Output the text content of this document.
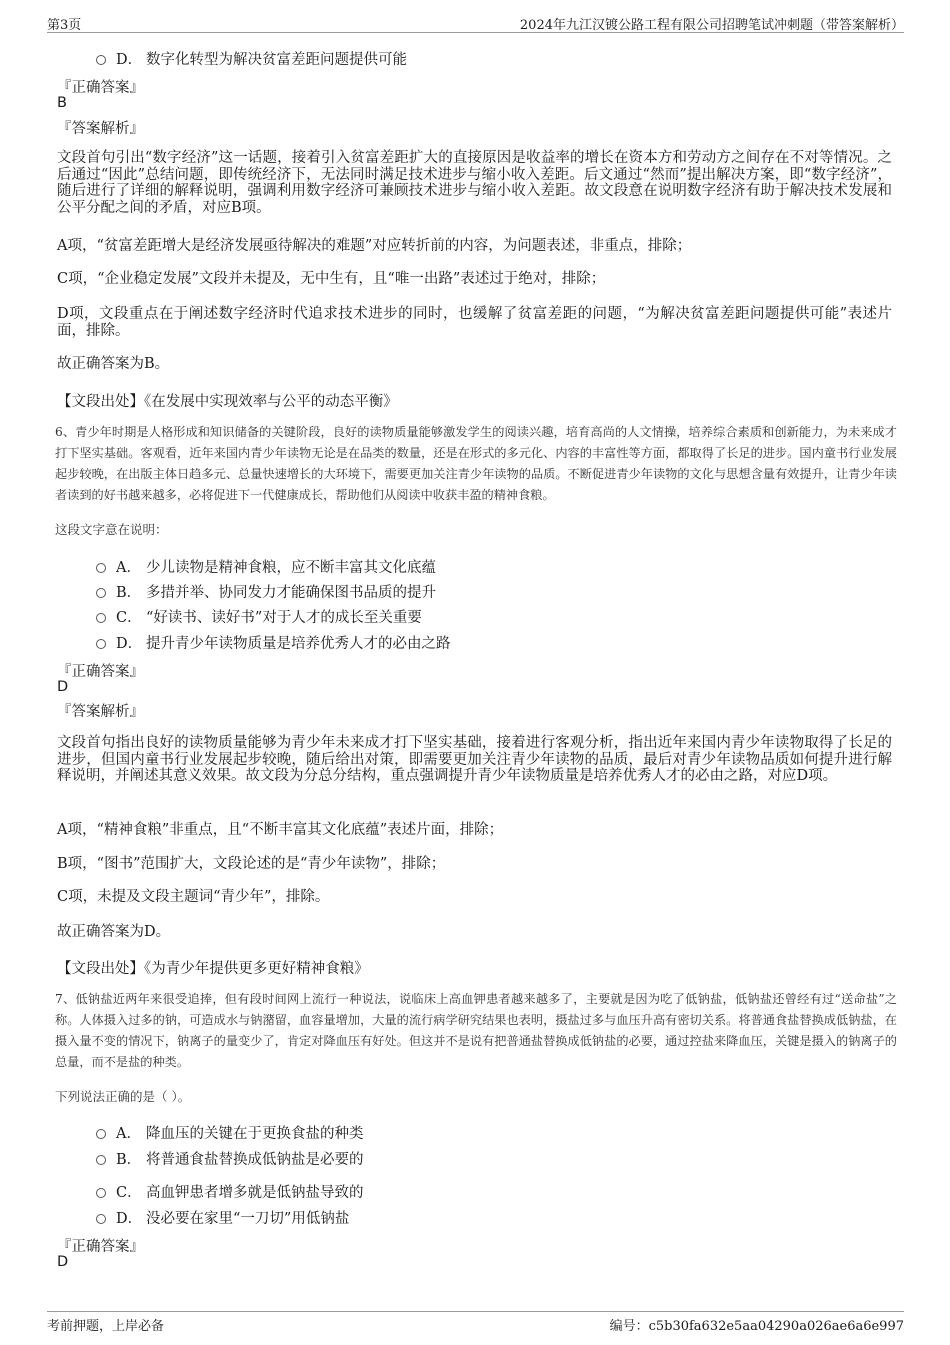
第3页	2024年九江汉镀公路工程有限公司招聘笔试冲刺题（带答案解析）
D． 数字化转型为解决贫富差距问题提供可能
『正确答案』
B
『答案解析』
文段首句引出“数字经济”这一话题，接着引入贫富差距扩大的直接原因是收益率的增长在资本方和劳动方之间存在不对等情况。之后通过“因此”总结问题，即传统经济下，无法同时满足技术进步与缩小收入差距。后文通过“然而”提出解决方案，即“数字经济”，随后进行了详细的解释说明，强调利用数字经济可兼顾技术进步与缩小收入差距。故文段意在说明数字经济有助于解决技术发展和公平分配之间的矛盾，对应B项。
A项，“贫富差距增大是经济发展亟待解决的难题”对应转折前的内容，为问题表述，非重点，排除；
C项，“企业稳定发展”文段并未提及，无中生有，且“唯一出路”表述过于绝对，排除；
D项，文段重点在于阐述数字经济时代追求技术进步的同时，也缓解了贫富差距的问题，“为解决贫富差距问题提供可能”表述片面，排除。
故正确答案为B。
【文段出处】《在发展中实现效率与公平的动态平衡》
6、青少年时期是人格形成和知识储备的关键阶段，良好的读物质量能够激发学生的阅读兴趣，培育高尚的人文情操，培养综合素质和创新能力，为未来成才打下坚实基础。客观看，近年来国内青少年读物无论是在品类的数量，还是在形式的多元化、内容的丰富性等方面，都取得了长足的进步。国内童书行业发展起步较晚，在出版主体日趋多元、总量快速增长的大环境下，需要更加关注青少年读物的品质。不断促进青少年读物的文化与思想含量有效提升，让青少年读者读到的好书越来越多，必将促进下一代健康成长，帮助他们从阅读中收获丰盈的精神食粮。
这段文字意在说明：
A． 少儿读物是精神食粮，应不断丰富其文化底蕴
B． 多措并举、协同发力才能确保图书品质的提升
C． “好读书、读好书”对于人才的成长至关重要
D． 提升青少年读物质量是培养优秀人才的必由之路
『正确答案』
D
『答案解析』
文段首句指出良好的读物质量能够为青少年未来成才打下坚实基础，接着进行客观分析，指出近年来国内青少年读物取得了长足的进步，但国内童书行业发展起步较晚，随后给出对策，即需要更加关注青少年读物的品质，最后对青少年读物品质如何提升进行解释说明，并阐述其意义效果。故文段为分总分结构，重点强调提升青少年读物质量是培养优秀人才的必由之路，对应D项。
A项，“精神食粮”非重点，且“不断丰富其文化底蕴”表述片面，排除；
B项，“图书”范围扩大，文段论述的是“青少年读物”，排除；
C项，未提及文段主题词“青少年”，排除。
故正确答案为D。
【文段出处】《为青少年提供更多更好精神食粮》
7、低钠盐近两年来很受追捧，但有段时间网上流行一种说法，说临床上高血钾患者越来越多了，主要就是因为吃了低钠盐，低钠盐还曾经有过“送命盐”之称。人体摄入过多的钠，可造成水与钠潴留，血容量增加，大量的流行病学研究结果也表明，摄盐过多与血压升高有密切关系。将普通食盐替换成低钠盐，在摄入量不变的情况下，钠离子的量变少了，肯定对降血压有好处。但这并不是说有把普通盐替换成低钠盐的必要，通过控盐来降血压，关键是摄入的钠离子的总量，而不是盐的种类。
下列说法正确的是（ ）。
A． 降血压的关键在于更换食盐的种类
B． 将普通食盐替换成低钠盐是必要的
C． 高血钾患者增多就是低钠盐导致的
D． 没必要在家里“一刀切”用低钠盐
『正确答案』
D
考前押题，上岸必备	编号：c5b30fa632e5aa04290a026ae6a6e997
